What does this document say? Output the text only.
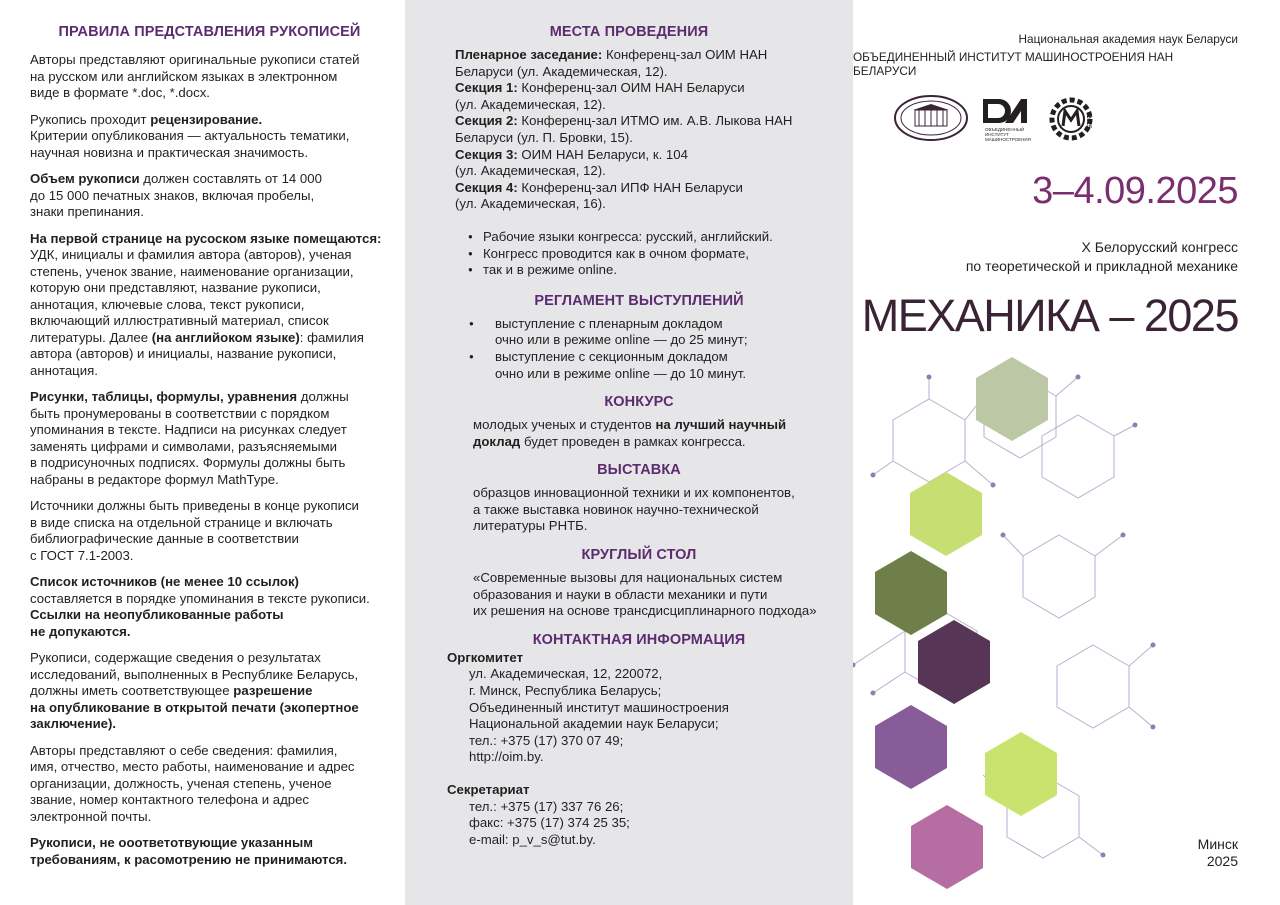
ПРАВИЛА ПРЕДСТАВЛЕНИЯ РУКОПИСЕЙ
Авторы представляют оригинальные рукописи статей
на русском или английском языках в электронном
виде в формате *.doc, *.docx.
Рукопись проходит рецензирование.
Критерии опубликования — актуальность тематики,
научная новизна и практическая значимость.
Объем рукописи должен составлять от 14 000
до 15 000 печатных знаков, включая пробелы,
знаки препинания.
На первой странице на русоском языке помещаются:
УДК, инициалы и фамилия автора (авторов), ученая
степень, ученок звание, наименование организации,
которую они представляют, название рукописи,
аннотация, ключевые слова, текст рукописи,
включающий иллюстративный материал, список
литературы. Далее (на английоком языке): фамилия
автора (авторов) и инициалы, название рукописи,
аннотация.
Рисунки, таблицы, формулы, уравнения должны
быть пронумерованы в соответствии с порядком
упоминания в тексте. Надписи на рисунках следует
заменять цифрами и символами, разъясняемыми
в подрисуночных подписях. Формулы должны быть
набраны в редакторе формул MathType.
Источники должны быть приведены в конце рукописи
в виде списка на отдельной странице и включать
библиографические данные в соответствии
с ГОСТ 7.1-2003.
Список источников (не менее 10 ссылок)
составляется в порядке упоминания в тексте рукописи.
Ссылки на неопубликованные работы
не допукаются.
Рукописи, содержащие сведения о результатах
исследований, выполненных в Республике Беларусь,
должны иметь соответствующее разрешение
на опубликование в открытой печати (экопертное
заключение).
Авторы представляют о себе сведения: фамилия,
имя, отчество, место работы, наименование и адрес
организации, должность, ученая степень, ученое
звание, номер контактного телефона и адрес
электронной почты.
Рукописи, не ооответотвующие указанным
требованиям, к расомотрению не принимаются.
МЕСТА ПРОВЕДЕНИЯ
Пленарное заседание: Конференц-зал ОИМ НАН
Беларуси (ул. Академическая, 12).
Секция 1: Конференц-зал ОИМ НАН Беларуси
(ул. Академическая, 12).
Секция 2: Конференц-зал ИТМО им. А.В. Лыкова НАН
Беларуси (ул. П. Бровки, 15).
Секция 3: ОИМ НАН Беларуси, к. 104
(ул. Академическая, 12).
Секция 4: Конференц-зал ИПФ НАН Беларуси
(ул. Академическая, 16).
● Рабочие языки конгресса: русский, английский.
● Конгресс проводится как в очном формате,
● так и в режиме online.
РЕГЛАМЕНТ ВЫСТУПЛЕНИЙ
● выступление с пленарным докладом
очно или в режиме online — до 25 минут;
● выступление с секционным докладом
очно или в режиме online — до 10 минут.
КОНКУРС
молодых ученых и студентов на лучший научный
доклад будет проведен в рамках конгресса.
ВЫСТАВКА
образцов инновационной техники и их компонентов,
а также выставка новинок научно-технической
литературы РНТБ.
КРУГЛЫЙ СТОЛ
«Современные вызовы для национальных систем
образования и науки в области механики и пути
их решения на основе трансдисциплинарного подхода»
КОНТАКТНАЯ ИНФОРМАЦИЯ
Оргкомитет
ул. Академическая, 12, 220072,
г. Минск, Республика Беларусь;
Объединенный институт машиностроения
Национальной академии наук Беларуси;
тел.: +375 (17) 370 07 49;
http://oim.by.
Секретариат
тел.: +375 (17) 337 76 26;
факс: +375 (17) 374 25 35;
e-mail: p_v_s@tut.by.
Национальная академия наук Беларуси
ОБЪЕДИНЕННЫЙ ИНСТИТУТ МАШИНОСТРОЕНИЯ НАН БЕЛАРУСИ
ОБЪЕДИНЕННЫЙ
ИНСТИТУТ
МАШИНОСТРОЕНИЯ
2025
3–4.09.2025
Х Белорусский конгресс
по теоретической и прикладной механике
МЕХАНИКА – 2025
Минск
2025
